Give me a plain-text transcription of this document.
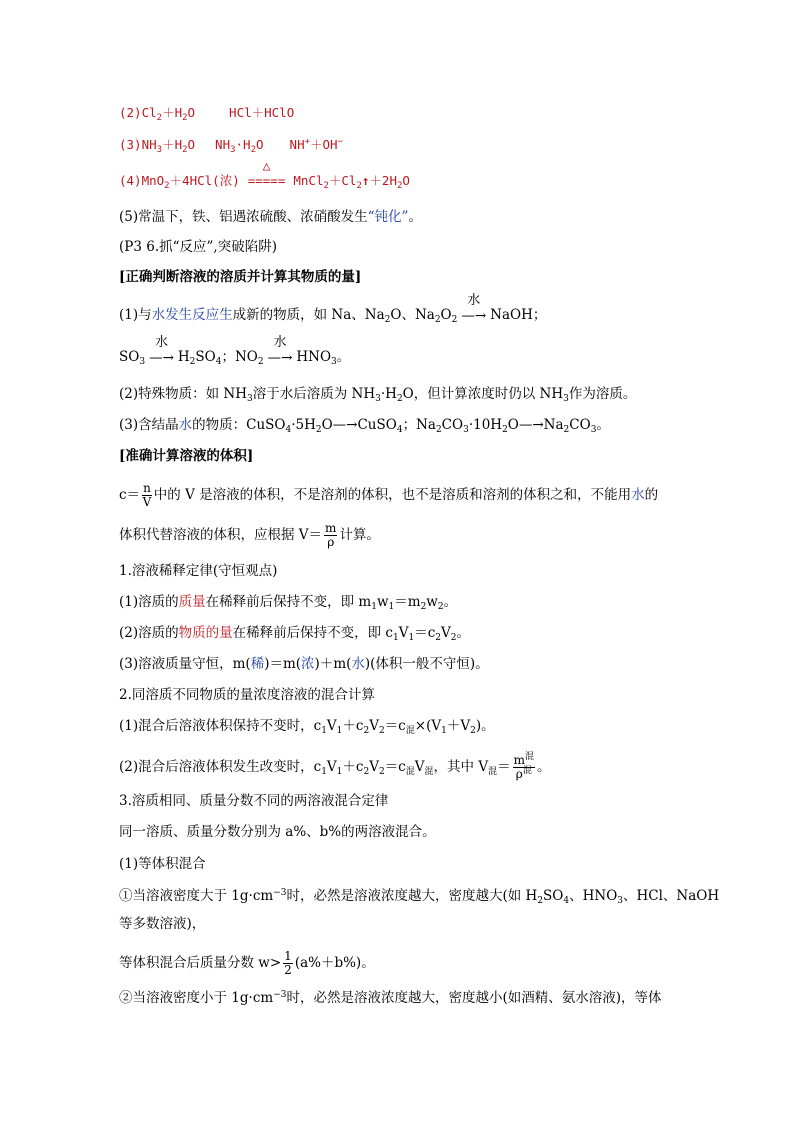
$(2)Cl_2+H_2O$	HCl＋HClO
$(3)NH_3+H_2O$ $NH_3\cdot H_2O$ NH+＋OH−
(4)MnO$_2$＋4HCl(浓)
△
===== $MnCl_2+Cl_2↑+2H_2O$
(5)常温下，铁、铝遇浓硫酸、浓硝酸发生“钝化”。
(P3 6.抓“反应”,突破陷阱)
[正确判断溶液的溶质并计算其物质的量]
(1)与水发生反应生成新的物质，如 Na、$Na_2O$、$Na_2O_2$
水
—→ NaOH；
$SO_3$
水
—→ $H_2SO_4$；$NO_2$
水
—→ $HNO_3$。
(2)特殊物质：如 $NH_3$溶于水后溶质为 $NH_3\cdot H_2O$，但计算浓度时仍以 $NH_3$作为溶质。
(3)含结晶水的物质：$CuSO_4\cdot 5H_2O—\to CuSO_4$；$Na_2CO_3\cdot 10H_2O—\to Na_2CO_3$。
[准确计算溶液的体积]
$c= \frac{n}{V}$ 中的 V 是溶液的体积，不是溶剂的体积，也不是溶质和溶剂的体积之和，不能用水的
体积代替溶液的体积，应根据 $V= \frac{m}{\rho}$ 计算。
1.溶液稀释定律(守恒观点)
(1)溶质的质量在稀释前后保持不变，即 $m_1w_1=m_2w_2$。
(2)溶质的物质的量在稀释前后保持不变，即 $c_1V_1=c_2V_2$。
(3)溶液质量守恒，m(稀)＝m(浓)＋m(水)(体积一般不守恒)。
2.同溶质不同物质的量浓度溶液的混合计算
(1)混合后溶液体积保持不变时，$c_1V_1+c_2V_2=c_混\times(V_1+V_2)$。
(2)混合后溶液体积发生改变时，$c_1V_1+c_2V_2=c_混V_混$，其中 $V_混= \frac{m^混}{\rho^混}$ 。
3.溶质相同、质量分数不同的两溶液混合定律
同一溶质、质量分数分别为 a%、b%的两溶液混合。
(1)等体积混合
①当溶液密度大于 $1g\cdot cm^{-3}$时，必然是溶液浓度越大，密度越大(如 $H_2SO_4$、$HNO_3$、HCl、NaOH
等多数溶液)，
等体积混合后质量分数 $w> \frac{1}{2} (a\%+b\%)$。
②当溶液密度小于 $1g\cdot cm^{-3}$时，必然是溶液浓度越大，密度越小(如酒精、氨水溶液)，等体
